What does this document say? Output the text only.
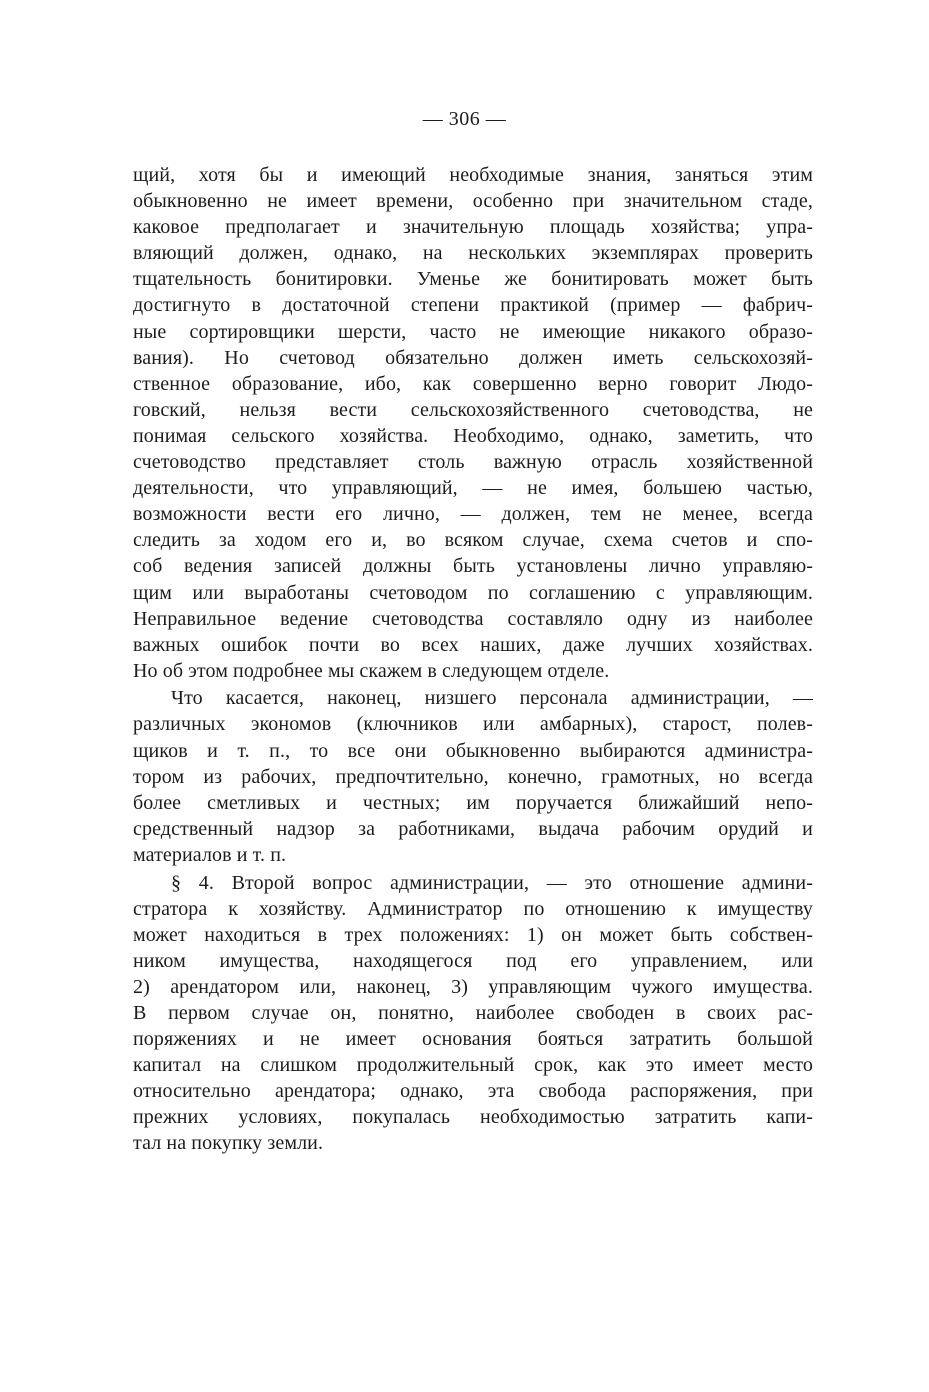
— 306 —
щий, хотя бы и имеющий необходимые знания, заняться этим
обыкновенно не имеет времени, особенно при значительном стаде,
каковое предполагает и значительную площадь хозяйства; упра-
вляющий должен, однако, на нескольких экземплярах проверить
тщательность бонитировки. Уменье же бонитировать может быть
достигнуто в достаточной степени практикой (пример — фабрич-
ные сортировщики шерсти, часто не имеющие никакого образо-
вания). Но счетовод обязательно должен иметь сельскохозяй-
ственное образование, ибо, как совершенно верно говорит Людо-
говский, нельзя вести сельскохозяйственного счетоводства, не
понимая сельского хозяйства. Необходимо, однако, заметить, что
счетоводство представляет столь важную отрасль хозяйственной
деятельности, что управляющий, — не имея, большею частью,
возможности вести его лично, — должен, тем не менее, всегда
следить за ходом его и, во всяком случае, схема счетов и спо-
соб ведения записей должны быть установлены лично управляю-
щим или выработаны счетоводом по соглашению с управляющим.
Неправильное ведение счетоводства составляло одну из наиболее
важных ошибок почти во всех наших, даже лучших хозяйствах.
Но об этом подробнее мы скажем в следующем отделе.
Что касается, наконец, низшего персонала администрации, —
различных экономов (ключников или амбарных), старост, полев-
щиков и т. п., то все они обыкновенно выбираются администра-
тором из рабочих, предпочтительно, конечно, грамотных, но всегда
более сметливых и честных; им поручается ближайший непо-
средственный надзор за работниками, выдача рабочим орудий и
материалов и т. п.
§ 4. Второй вопрос администрации, — это отношение админи-
стратора к хозяйству. Администратор по отношению к имуществу
может находиться в трех положениях: 1) он может быть собствен-
ником имущества, находящегося под его управлением, или
2) арендатором или, наконец, 3) управляющим чужого имущества.
В первом случае он, понятно, наиболее свободен в своих рас-
поряжениях и не имеет основания бояться затратить большой
капитал на слишком продолжительный срок, как это имеет место
относительно арендатора; однако, эта свобода распоряжения, при
прежних условиях, покупалась необходимостью затратить капи-
тал на покупку земли.
